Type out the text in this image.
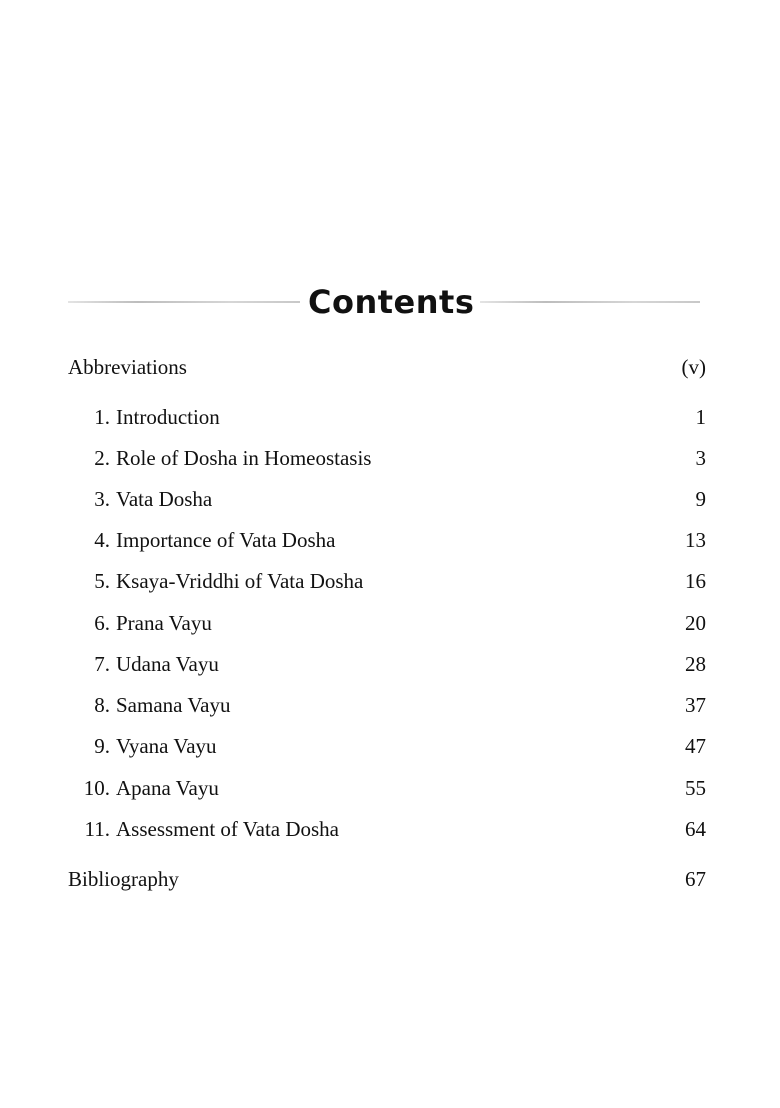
Contents
Abbreviations	(v)
1. Introduction	1
2. Role of Dosha in Homeostasis	3
3. Vata Dosha	9
4. Importance of Vata Dosha	13
5. Ksaya-Vriddhi of Vata Dosha	16
6. Prana Vayu	20
7. Udana Vayu	28
8. Samana Vayu	37
9. Vyana Vayu	47
10. Apana Vayu	55
11. Assessment of Vata Dosha	64
Bibliography	67
